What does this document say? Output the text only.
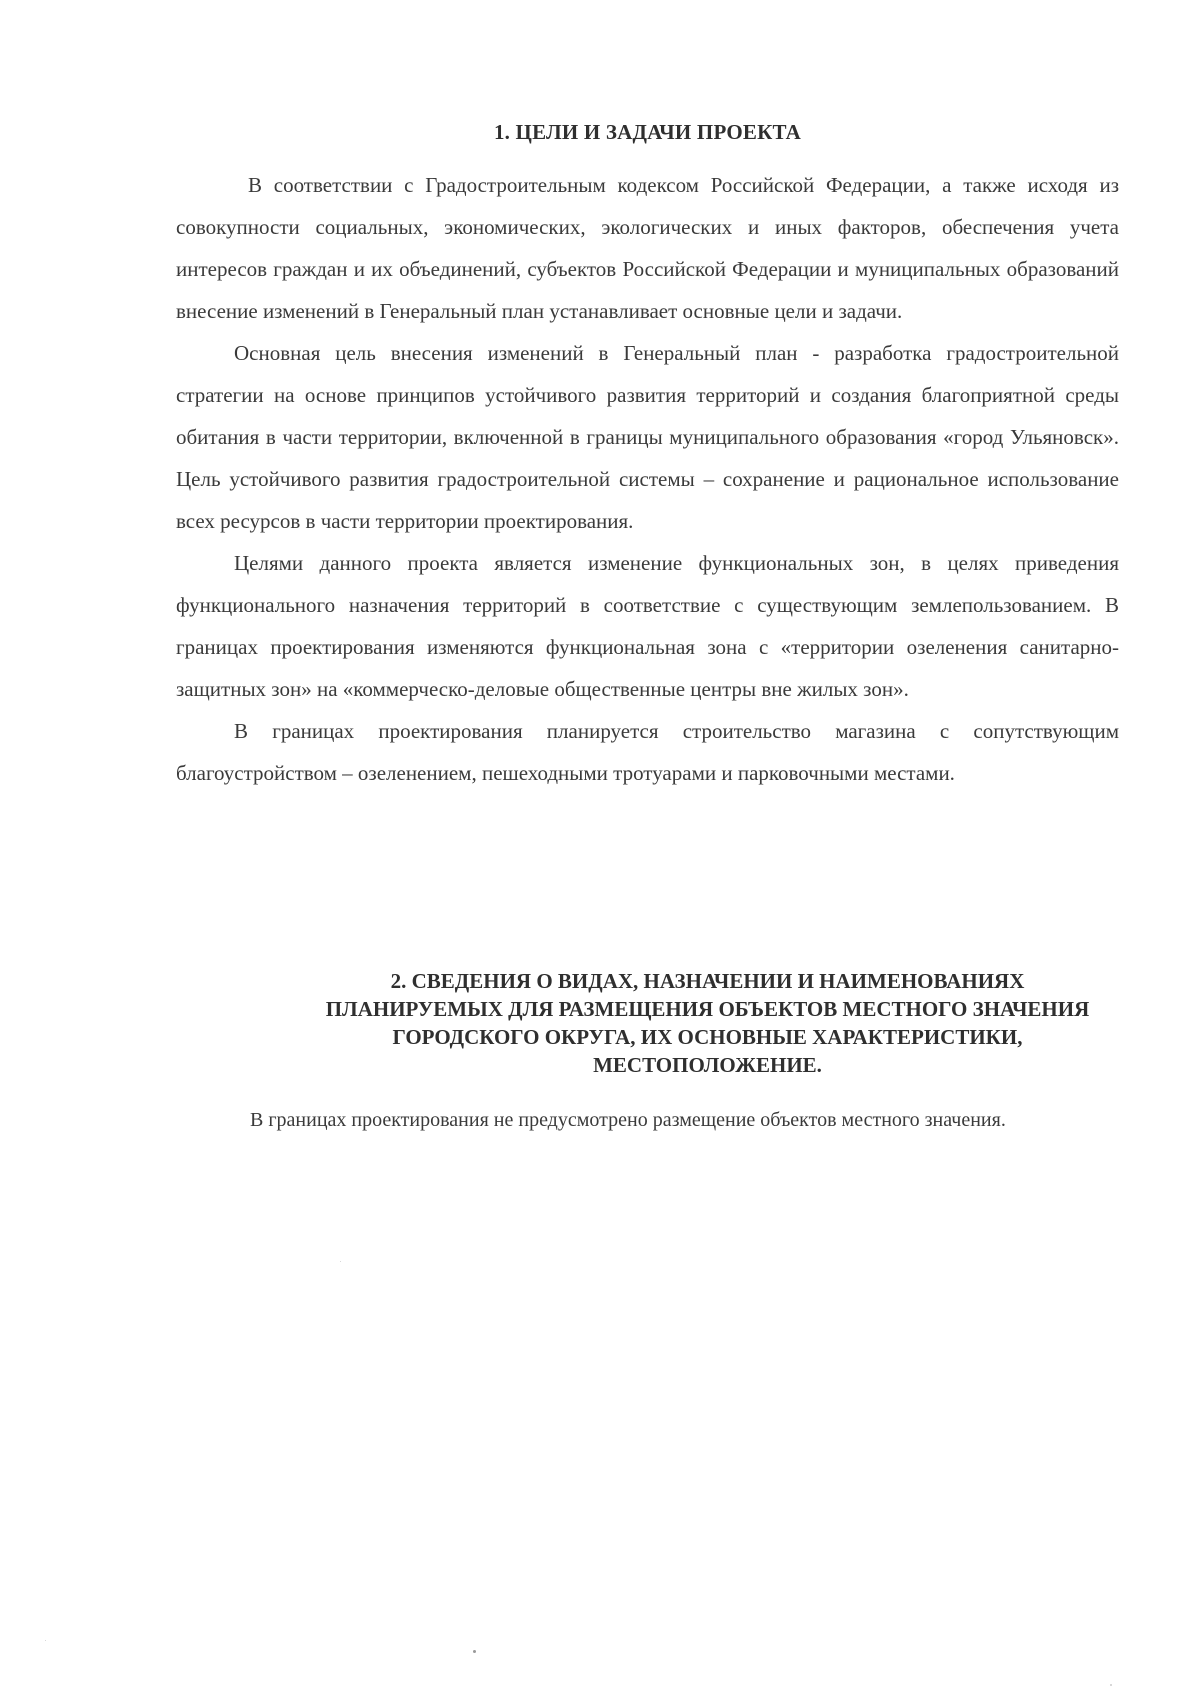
1. ЦЕЛИ И ЗАДАЧИ ПРОЕКТА

В соответствии с Градостроительным кодексом Российской Федерации, а также исходя из совокупности социальных, экономических, экологических и иных факторов, обеспечения учета интересов граждан и их объединений, субъектов Российской Федерации и муниципальных образований внесение изменений в Генеральный план устанавливает основные цели и задачи.

Основная цель внесения изменений в Генеральный план - разработка градостроительной стратегии на основе принципов устойчивого развития территорий и создания благоприятной среды обитания в части территории, включенной в границы муниципального образования «город Ульяновск». Цель устойчивого развития градостроительной системы – сохранение и рациональное использование всех ресурсов в части территории проектирования.

Целями данного проекта является изменение функциональных зон, в целях приведения функционального назначения территорий в соответствие с существующим землепользованием. В границах проектирования изменяются функциональная зона с «территории озеленения санитарно-защитных зон» на «коммерческо-деловые общественные центры вне жилых зон».

В границах проектирования планируется строительство магазина с сопутствующим благоустройством – озеленением, пешеходными тротуарами и парковочными местами.

2. СВЕДЕНИЯ О ВИДАХ, НАЗНАЧЕНИИ И НАИМЕНОВАНИЯХ ПЛАНИРУЕМЫХ ДЛЯ РАЗМЕЩЕНИЯ ОБЪЕКТОВ МЕСТНОГО ЗНАЧЕНИЯ ГОРОДСКОГО ОКРУГА, ИХ ОСНОВНЫЕ ХАРАКТЕРИСТИКИ, МЕСТОПОЛОЖЕНИЕ.

В границах проектирования не предусмотрено размещение объектов местного значения.
